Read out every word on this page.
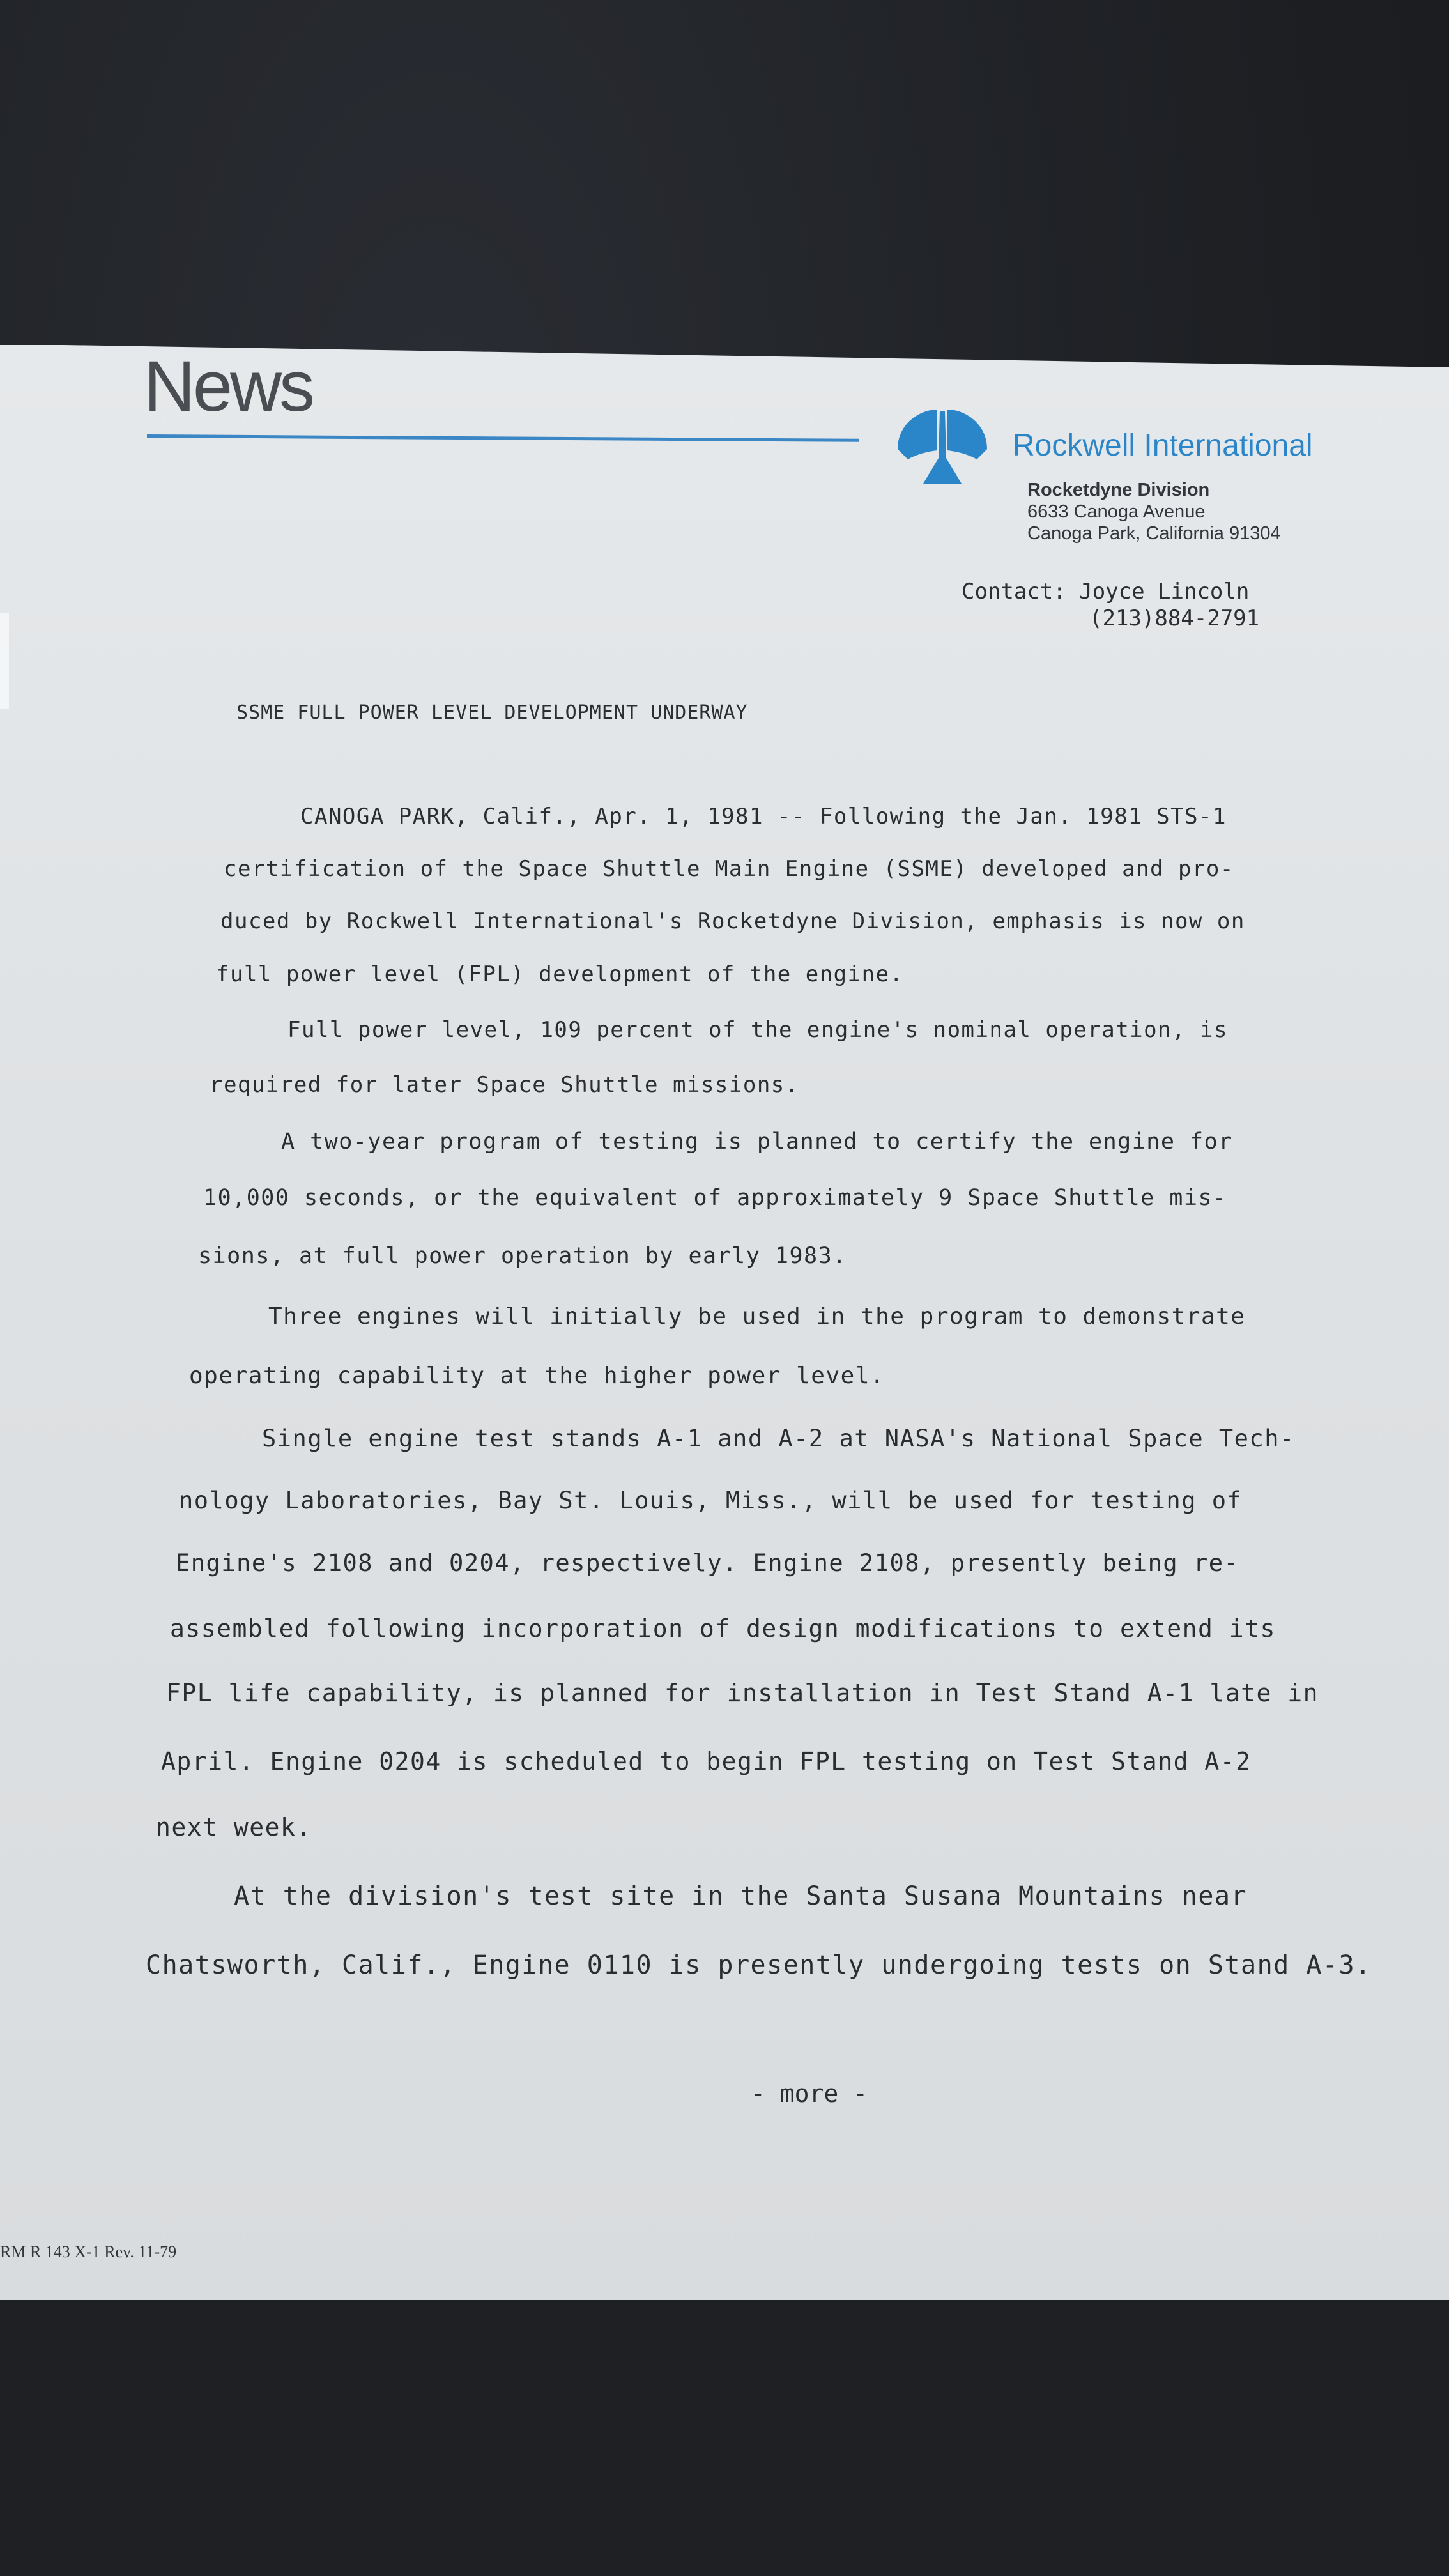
News
Rockwell International
Rocketdyne Division
6633 Canoga Avenue
Canoga Park, California 91304
Contact: Joyce Lincoln
(213)884-2791
SSME FULL POWER LEVEL DEVELOPMENT UNDERWAY
CANOGA PARK, Calif., Apr. 1, 1981 -- Following the Jan. 1981 STS-1
certification of the Space Shuttle Main Engine (SSME) developed and pro-
duced by Rockwell International's Rocketdyne Division, emphasis is now on
full power level (FPL) development of the engine.
Full power level, 109 percent of the engine's nominal operation, is
required for later Space Shuttle missions.
A two-year program of testing is planned to certify the engine for
10,000 seconds, or the equivalent of approximately 9 Space Shuttle mis-
sions, at full power operation by early 1983.
Three engines will initially be used in the program to demonstrate
operating capability at the higher power level.
Single engine test stands A-1 and A-2 at NASA's National Space Tech-
nology Laboratories, Bay St. Louis, Miss., will be used for testing of
Engine's 2108 and 0204, respectively. Engine 2108, presently being re-
assembled following incorporation of design modifications to extend its
FPL life capability, is planned for installation in Test Stand A-1 late in
April. Engine 0204 is scheduled to begin FPL testing on Test Stand A-2
next week.
At the division's test site in the Santa Susana Mountains near
Chatsworth, Calif., Engine 0110 is presently undergoing tests on Stand A-3.
- more -
RM R 143 X-1 Rev. 11-79
